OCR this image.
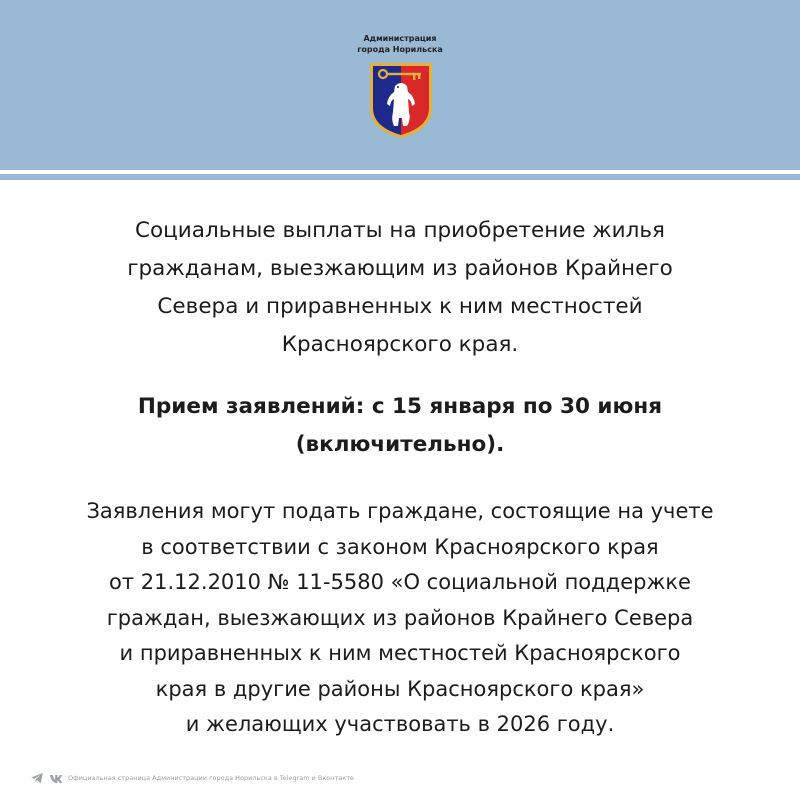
Администрация
города Норильска
Социальные выплаты на приобретение жилья
гражданам, выезжающим из районов Крайнего
Севера и приравненных к ним местностей
Красноярского края.
Прием заявлений: с 15 января по 30 июня
(включительно).
Заявления могут подать граждане, состоящие на учете
в соответствии с законом Красноярского края
от 21.12.2010 № 11-5580 «О социальной поддержке
граждан, выезжающих из районов Крайнего Севера
и приравненных к ним местностей Красноярского
края в другие районы Красноярского края»
и желающих участвовать в 2026 году.
Официальная страница Администрации города Норильска в Telegram и Вконтакте
